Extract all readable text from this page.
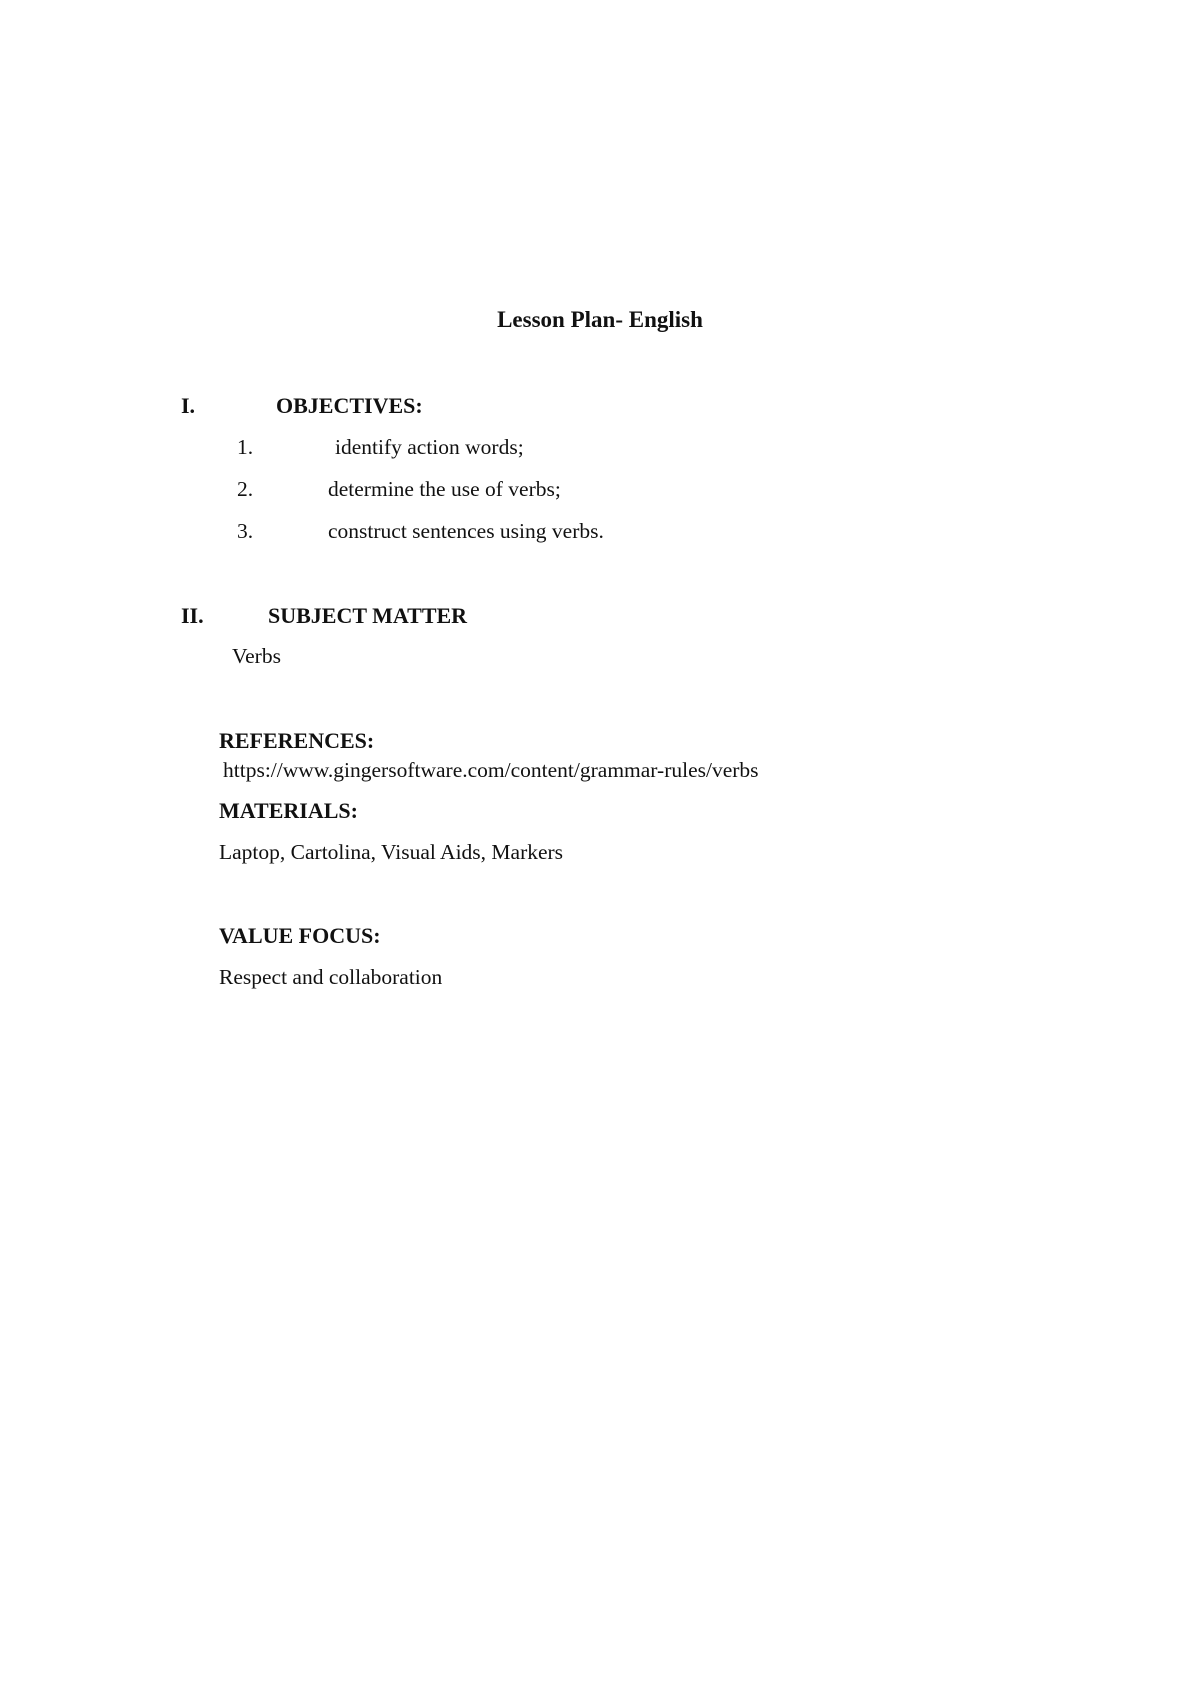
Lesson Plan- English
I.	OBJECTIVES:
1.	identify action words;
2.	determine the use of verbs;
3.	construct sentences using verbs.
II.	SUBJECT MATTER
Verbs
REFERENCES:
https://www.gingersoftware.com/content/grammar-rules/verbs
MATERIALS:
Laptop, Cartolina, Visual Aids, Markers
VALUE FOCUS:
Respect and collaboration
